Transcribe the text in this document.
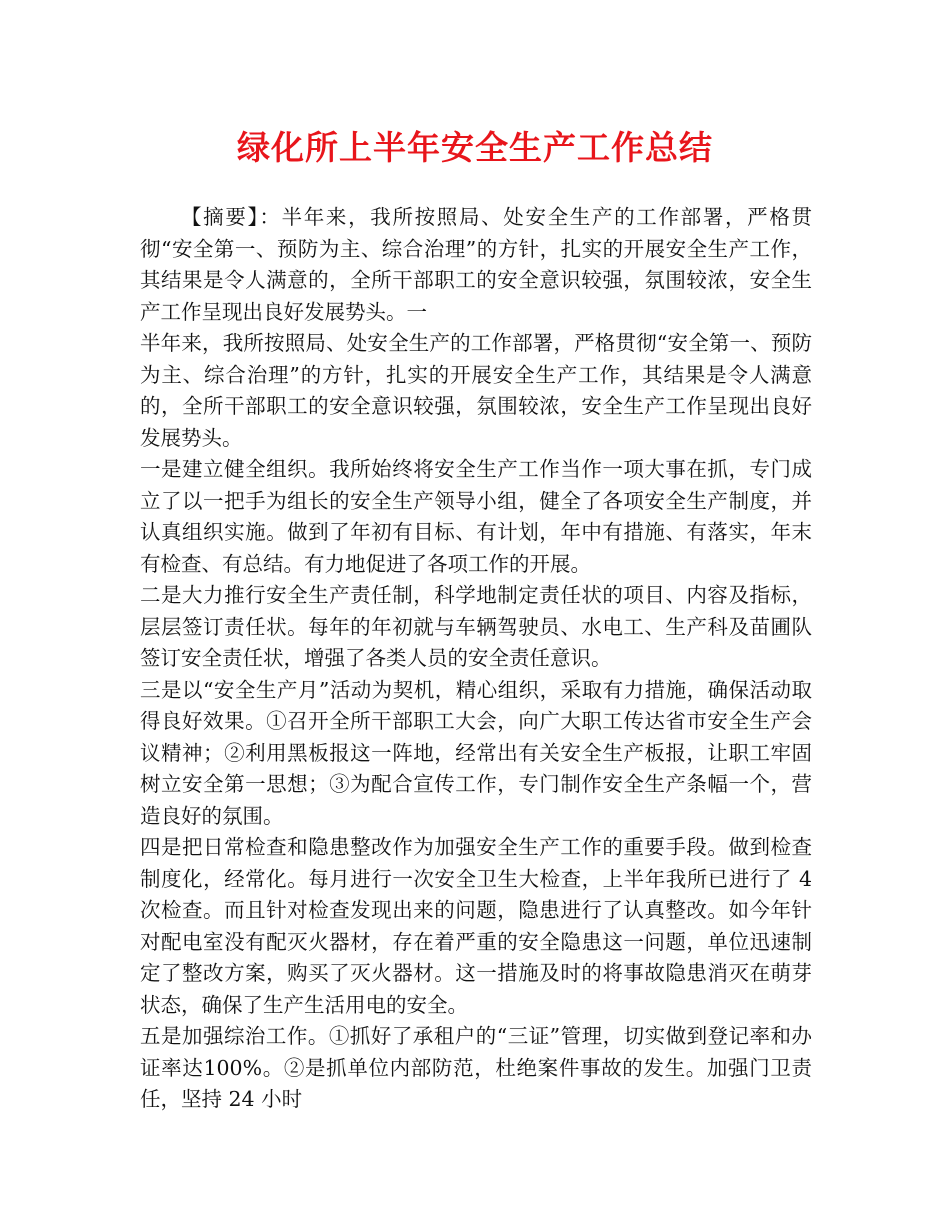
绿化所上半年安全生产工作总结

【摘要】：半年来，我所按照局、处安全生产的工作部署，严格贯彻“安全第一、预防为主、综合治理”的方针，扎实的开展安全生产工作，其结果是令人满意的，全所干部职工的安全意识较强，氛围较浓，安全生产工作呈现出良好发展势头。一

半年来，我所按照局、处安全生产的工作部署，严格贯彻“安全第一、预防为主、综合治理”的方针，扎实的开展安全生产工作，其结果是令人满意的，全所干部职工的安全意识较强，氛围较浓，安全生产工作呈现出良好发展势头。

一是建立健全组织。我所始终将安全生产工作当作一项大事在抓，专门成立了以一把手为组长的安全生产领导小组，健全了各项安全生产制度，并认真组织实施。做到了年初有目标、有计划，年中有措施、有落实，年末有检查、有总结。有力地促进了各项工作的开展。

二是大力推行安全生产责任制，科学地制定责任状的项目、内容及指标，层层签订责任状。每年的年初就与车辆驾驶员、水电工、生产科及苗圃队签订安全责任状，增强了各类人员的安全责任意识。

三是以“安全生产月”活动为契机，精心组织，采取有力措施，确保活动取得良好效果。①召开全所干部职工大会，向广大职工传达省市安全生产会议精神；②利用黑板报这一阵地，经常出有关安全生产板报，让职工牢固树立安全第一思想；③为配合宣传工作，专门制作安全生产条幅一个，营造良好的氛围。

四是把日常检查和隐患整改作为加强安全生产工作的重要手段。做到检查制度化，经常化。每月进行一次安全卫生大检查，上半年我所已进行了 4 次检查。而且针对检查发现出来的问题，隐患进行了认真整改。如今年针对配电室没有配灭火器材，存在着严重的安全隐患这一问题，单位迅速制定了整改方案，购买了灭火器材。这一措施及时的将事故隐患消灭在萌芽状态，确保了生产生活用电的安全。

五是加强综治工作。①抓好了承租户的“三证”管理，切实做到登记率和办证率达100%。②是抓单位内部防范，杜绝案件事故的发生。加强门卫责任，坚持 24 小时
